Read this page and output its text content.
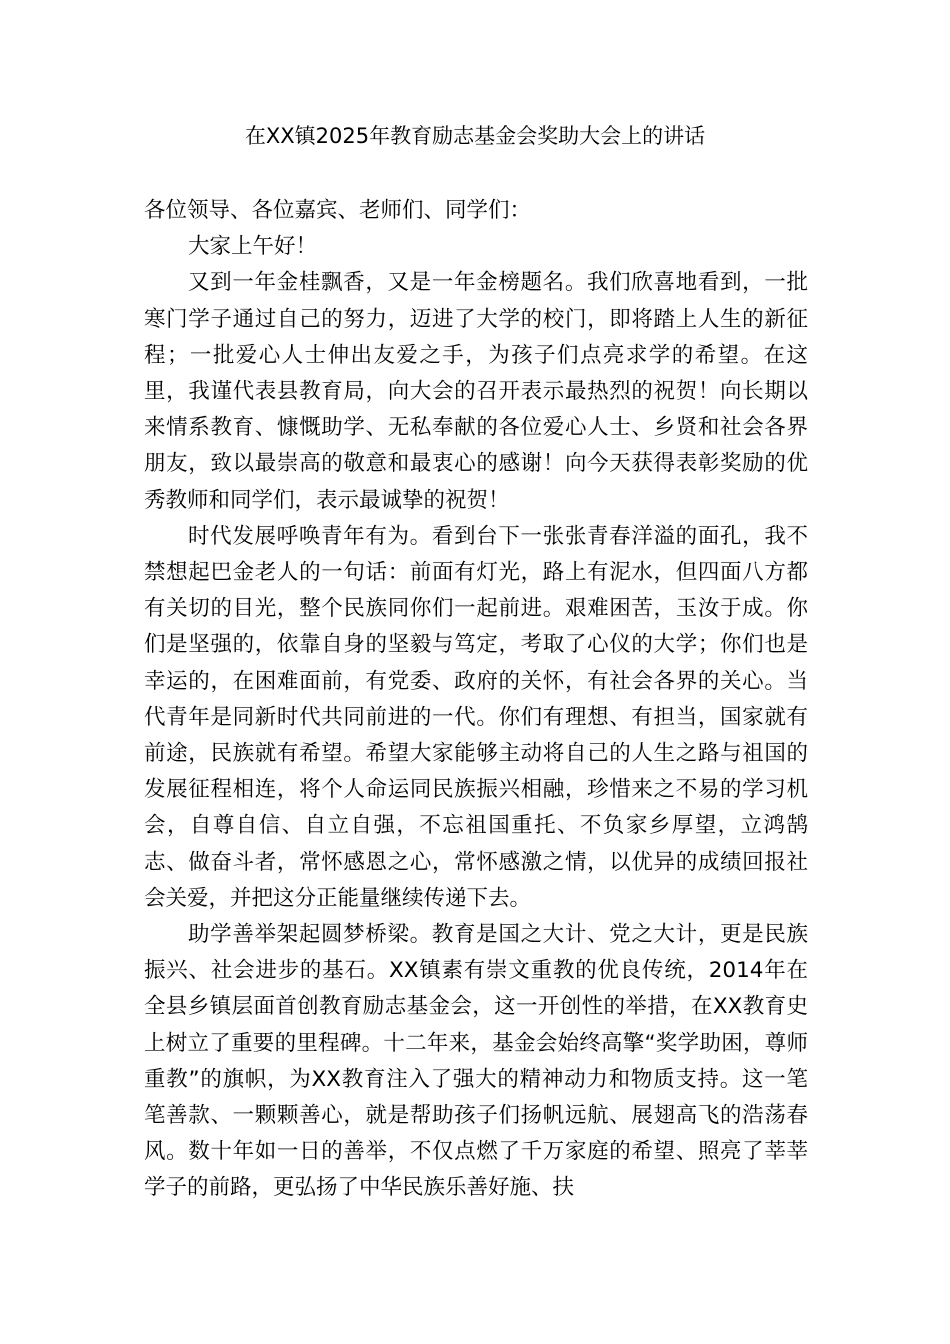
在XX镇2025年教育励志基金会奖助大会上的讲话

各位领导、各位嘉宾、老师们、同学们：

大家上午好！

又到一年金桂飘香，又是一年金榜题名。我们欣喜地看到，一批寒门学子通过自己的努力，迈进了大学的校门，即将踏上人生的新征程；一批爱心人士伸出友爱之手，为孩子们点亮求学的希望。在这里，我谨代表县教育局，向大会的召开表示最热烈的祝贺！向长期以来情系教育、慷慨助学、无私奉献的各位爱心人士、乡贤和社会各界朋友，致以最崇高的敬意和最衷心的感谢！向今天获得表彰奖励的优秀教师和同学们，表示最诚挚的祝贺！

时代发展呼唤青年有为。看到台下一张张青春洋溢的面孔，我不禁想起巴金老人的一句话：前面有灯光，路上有泥水，但四面八方都有关切的目光，整个民族同你们一起前进。艰难困苦，玉汝于成。你们是坚强的，依靠自身的坚毅与笃定，考取了心仪的大学；你们也是幸运的，在困难面前，有党委、政府的关怀，有社会各界的关心。当代青年是同新时代共同前进的一代。你们有理想、有担当，国家就有前途，民族就有希望。希望大家能够主动将自己的人生之路与祖国的发展征程相连，将个人命运同民族振兴相融，珍惜来之不易的学习机会，自尊自信、自立自强，不忘祖国重托、不负家乡厚望，立鸿鹄志、做奋斗者，常怀感恩之心，常怀感激之情，以优异的成绩回报社会关爱，并把这分正能量继续传递下去。

助学善举架起圆梦桥梁。教育是国之大计、党之大计，更是民族振兴、社会进步的基石。XX镇素有崇文重教的优良传统，2014年在全县乡镇层面首创教育励志基金会，这一开创性的举措，在XX教育史上树立了重要的里程碑。十二年来，基金会始终高擎“奖学助困，尊师重教”的旗帜，为XX教育注入了强大的精神动力和物质支持。这一笔笔善款、一颗颗善心，就是帮助孩子们扬帆远航、展翅高飞的浩荡春风。数十年如一日的善举，不仅点燃了千万家庭的希望、照亮了莘莘学子的前路，更弘扬了中华民族乐善好施、扶
